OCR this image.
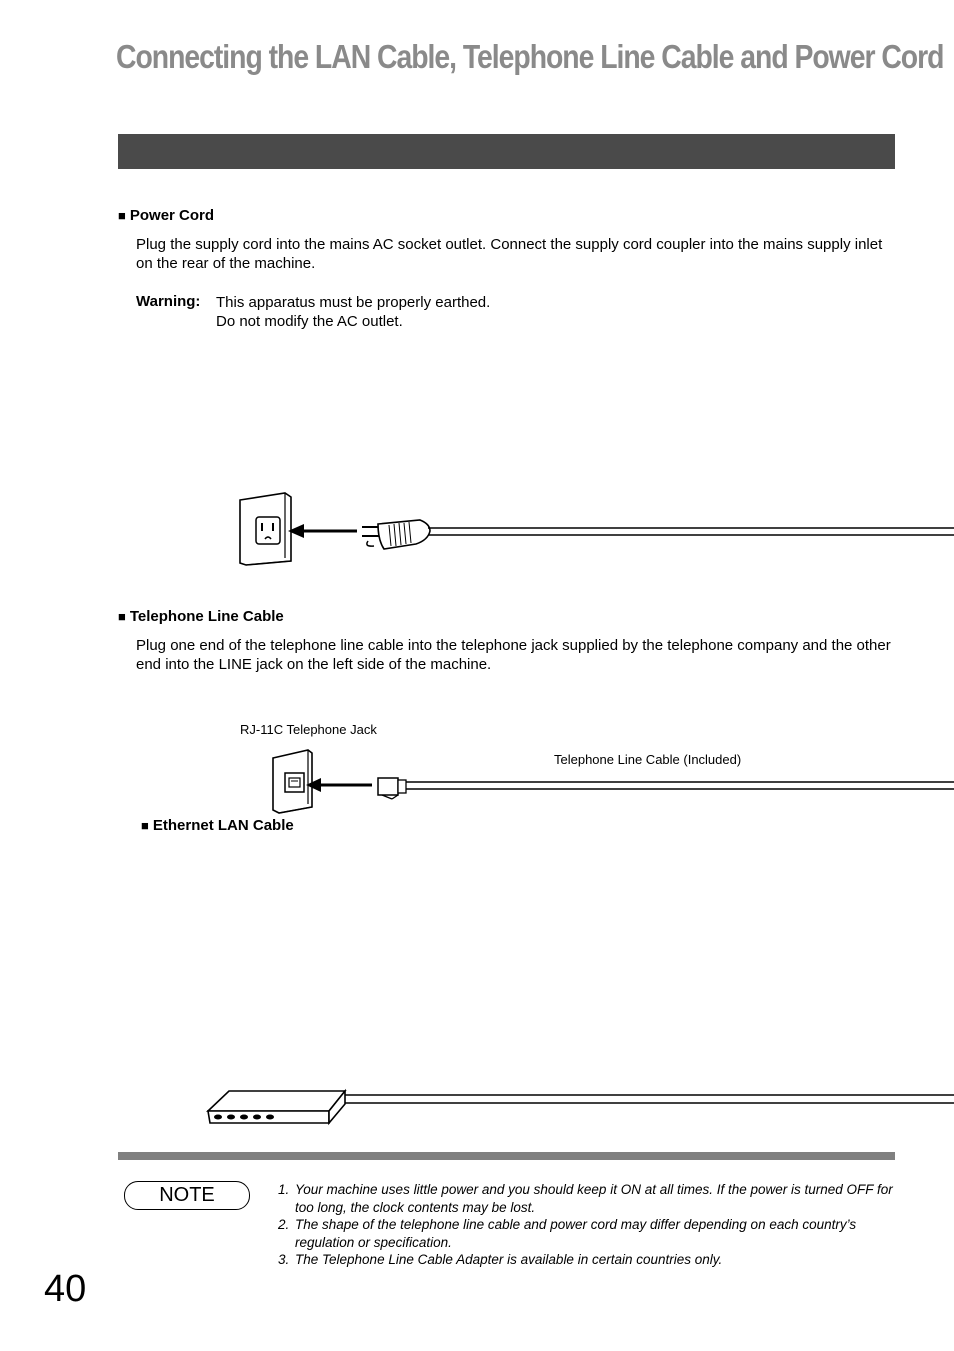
Connecting the LAN Cable, Telephone Line Cable and Power Cord
■ Power Cord
Plug the supply cord into the mains AC socket outlet. Connect the supply cord coupler into the mains supply inlet on the rear of the machine.
Warning: This apparatus must be properly earthed.
Do not modify the AC outlet.
■ Telephone Line Cable
Plug one end of the telephone line cable into the telephone jack supplied by the telephone company and the other end into the LINE jack on the left side of the machine.
RJ-11C Telephone Jack
Telephone Line Cable (Included)
■ Ethernet LAN Cable
NOTE	1. Your machine uses little power and you should keep it ON at all times. If the power is turned OFF for too long, the clock contents may be lost.
2. The shape of the telephone line cable and power cord may differ depending on each country’s regulation or specification.
3. The Telephone Line Cable Adapter is available in certain countries only.
40
